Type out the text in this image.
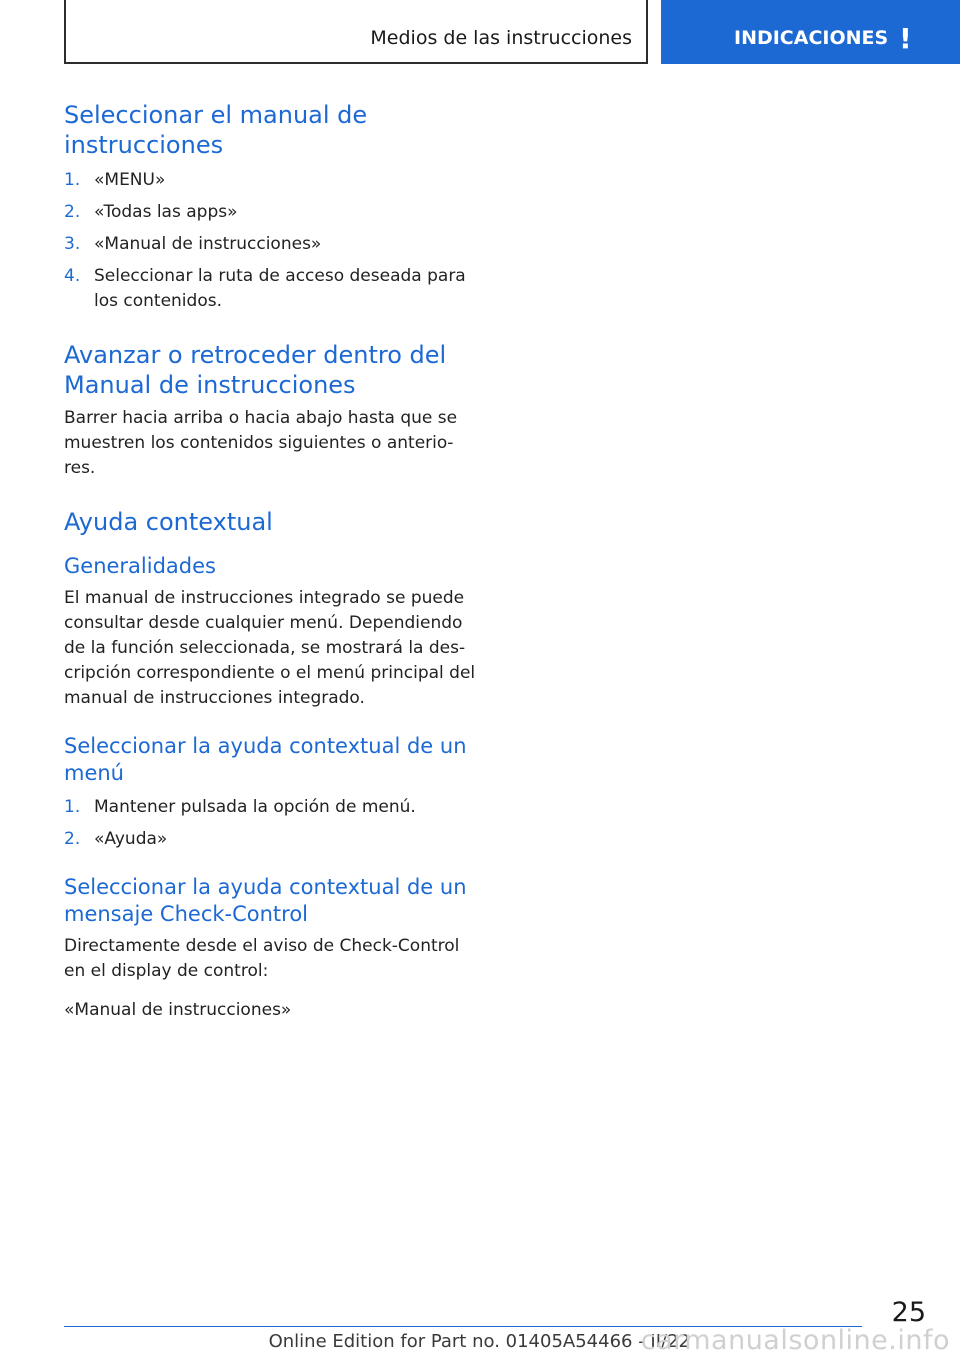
Medios de las instrucciones	INDICACIONES !
Seleccionar el manual de instrucciones
1. «MENU»
2. «Todas las apps»
3. «Manual de instrucciones»
4. Seleccionar la ruta de acceso deseada para los contenidos.
Avanzar o retroceder dentro del Manual de instrucciones

Barrer hacia arriba o hacia abajo hasta que se muestren los contenidos siguientes o anterio‐res.

Ayuda contextual
Generalidades

El manual de instrucciones integrado se puede consultar desde cualquier menú. Dependiendo de la función seleccionada, se mostrará la des‐cripción correspondiente o el menú principal del manual de instrucciones integrado.

Seleccionar la ayuda contextual de un menú
1. Mantener pulsada la opción de menú.
2. «Ayuda»
Seleccionar la ayuda contextual de un mensaje Check-Control

Directamente desde el aviso de Check-Control en el display de control:

«Manual de instrucciones»

25
Online Edition for Part no. 01405A54466 - II/22
carmanualsonline.info
